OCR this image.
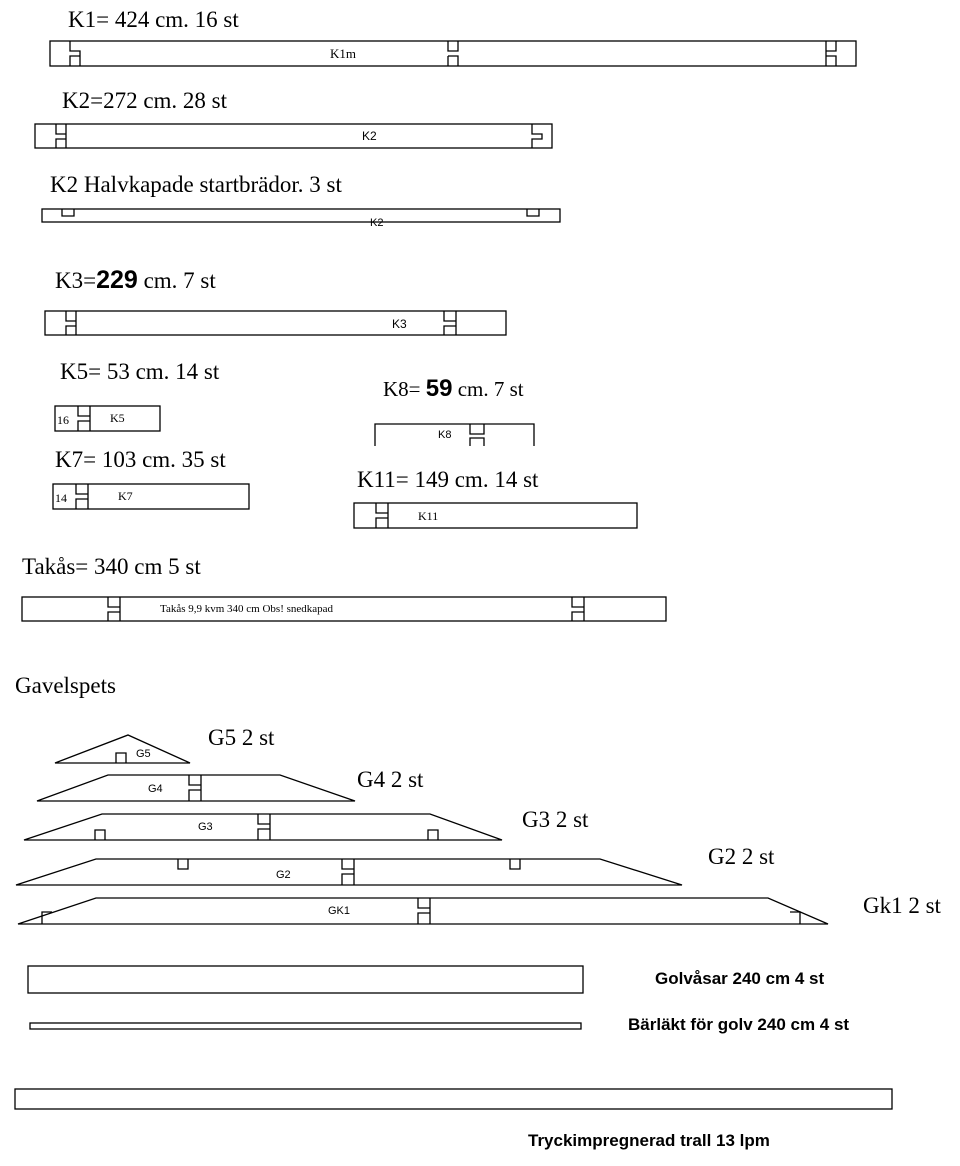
K1= 424 cm. 16 st
K1m
K2=272 cm. 28 st
K2
K2 Halvkapade startbrädor. 3 st
K2
K3=229 cm. 7 st
K3
K5= 53 cm. 14 st
16	K5
K8= 59 cm. 7 st
K8
K7= 103 cm. 35 st
14	K7
K11= 149 cm. 14 st
K11
Takås= 340 cm 5 st
Takås 9,9 kvm 340 cm Obs! snedkapad
Gavelspets
G5 2 st
G5
G4 2 st
G4
G3 2 st
G3
G2 2 st
G2
Gk1 2 st
GK1
Golvåsar 240 cm 4 st
Bärläkt för golv 240 cm 4 st
Tryckimpregnerad trall 13 lpm
